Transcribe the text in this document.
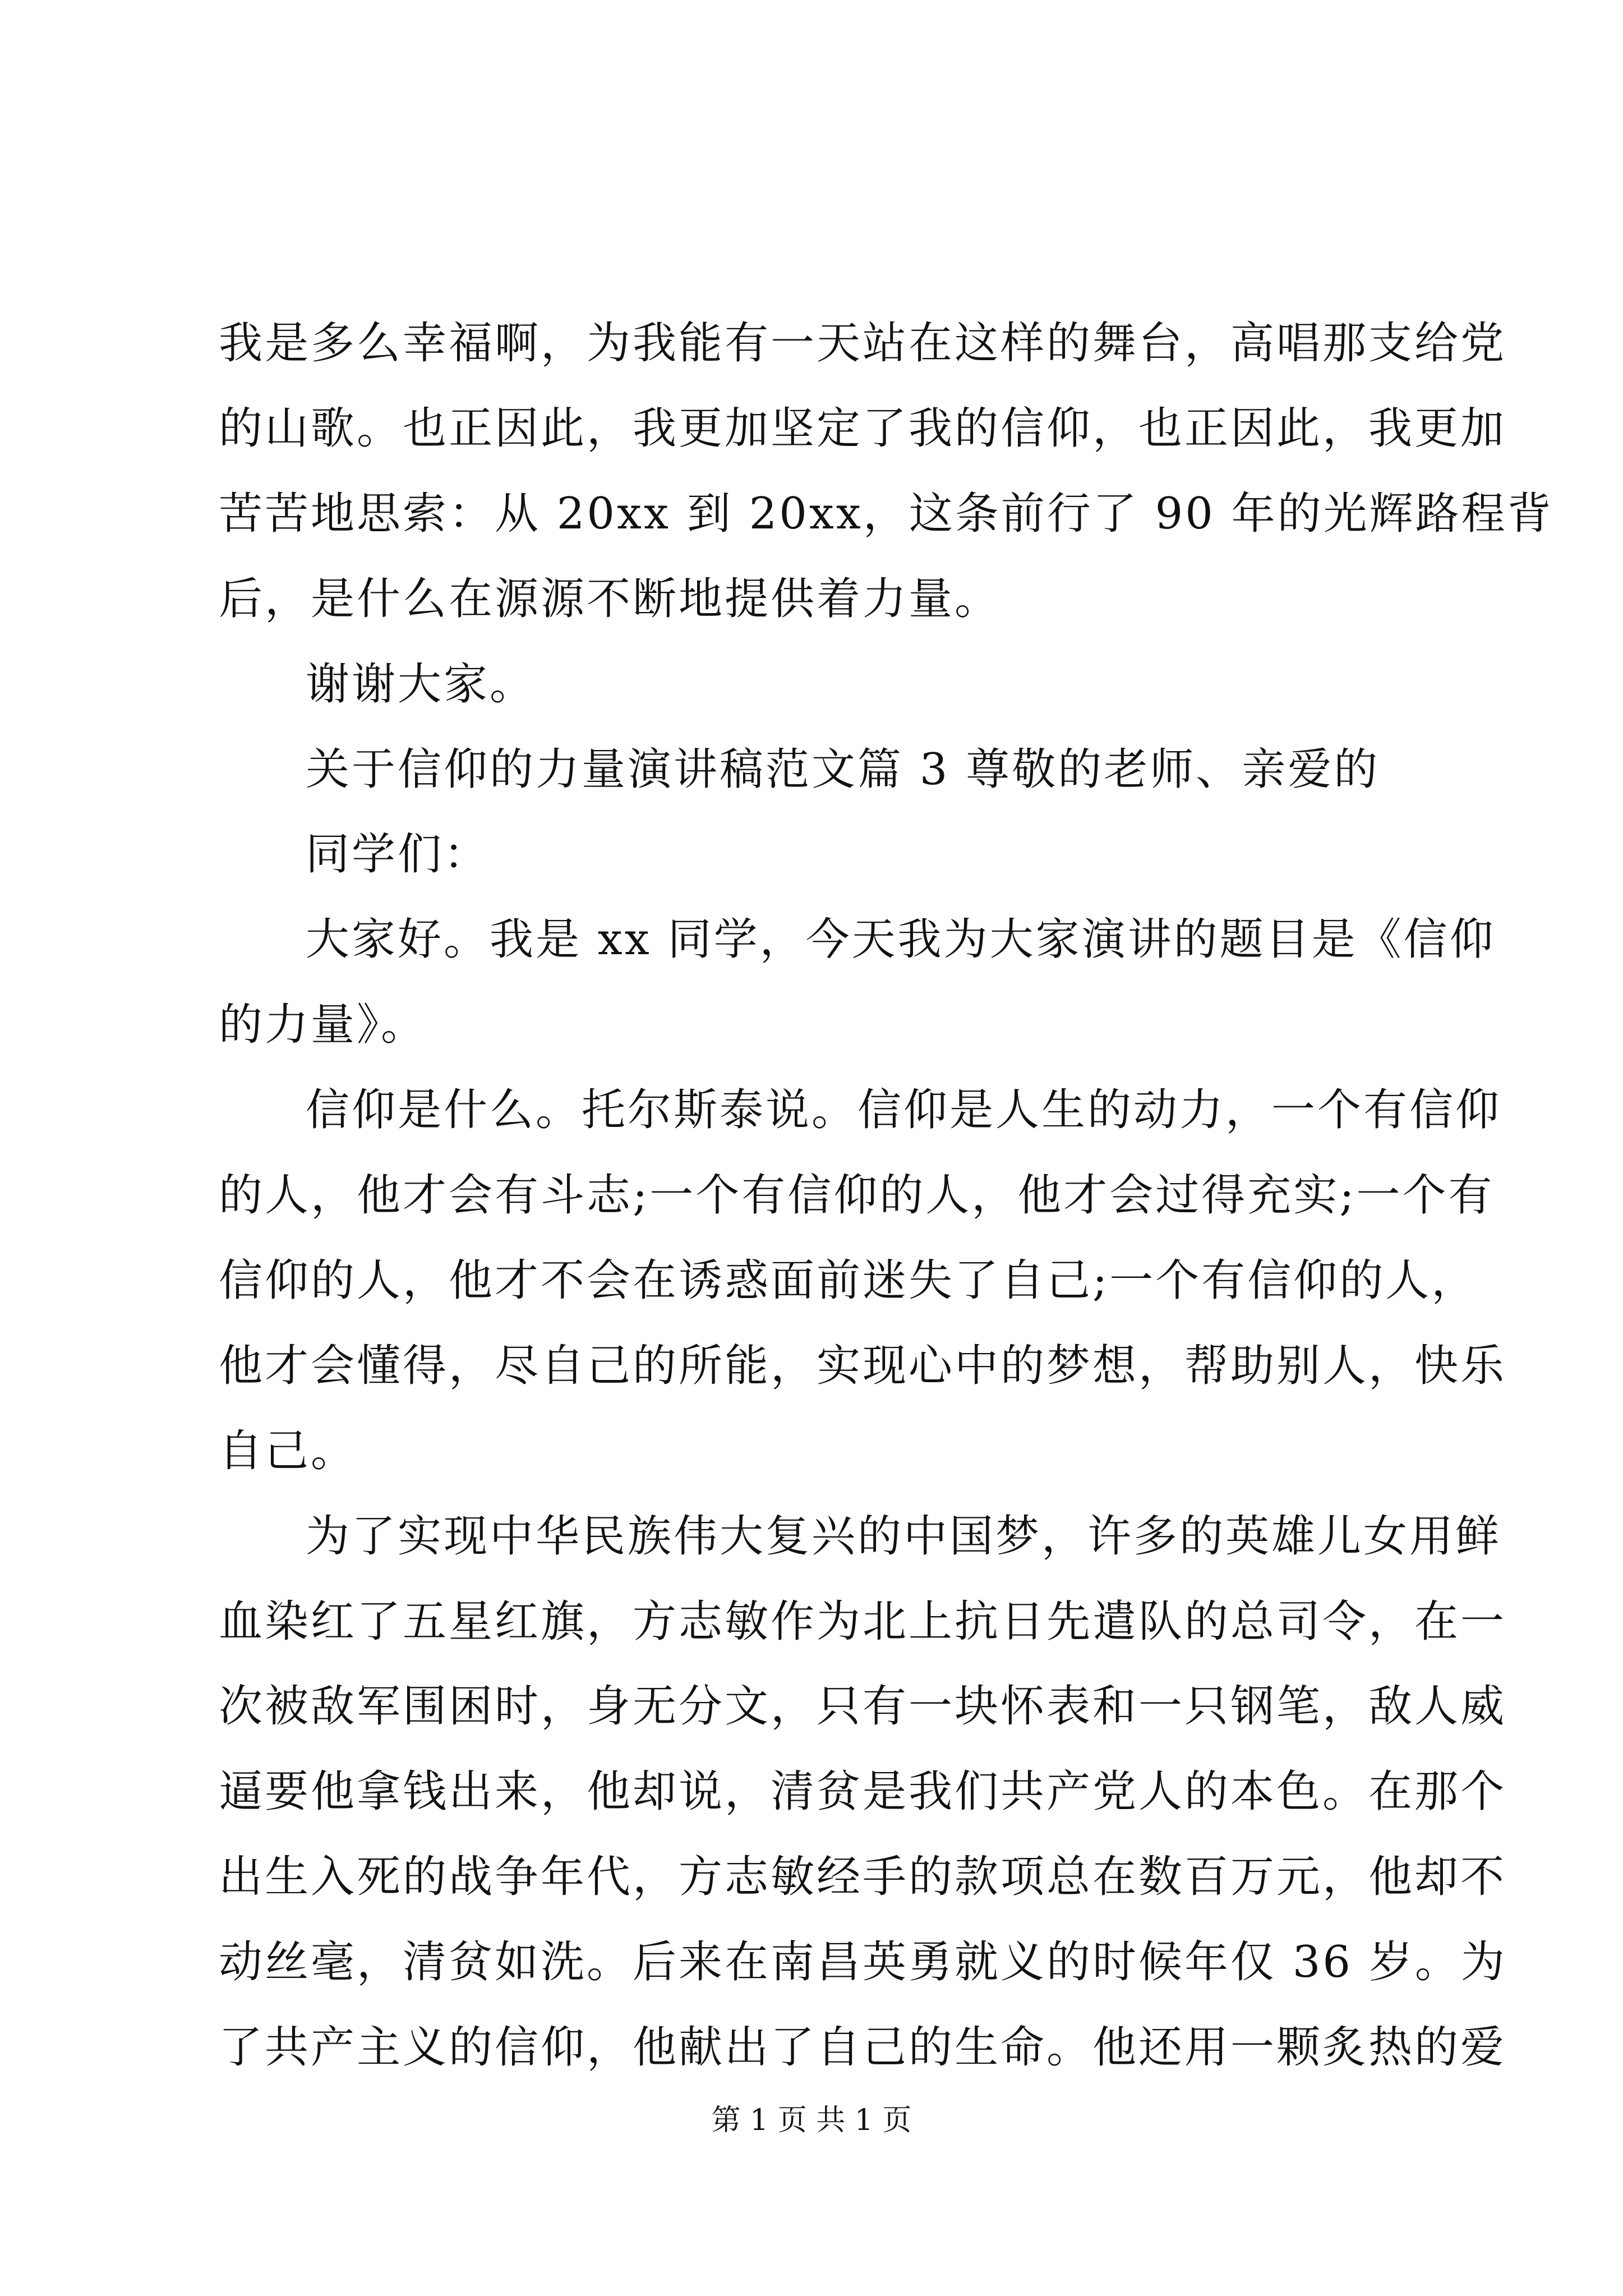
我是多么幸福啊，为我能有一天站在这样的舞台，高唱那支给党
的山歌。也正因此，我更加坚定了我的信仰，也正因此，我更加
苦苦地思索：从 20xx 到 20xx，这条前行了 90 年的光辉路程背
后，是什么在源源不断地提供着力量。
谢谢大家。
关于信仰的力量演讲稿范文篇 3 尊敬的老师、亲爱的
同学们：
大家好。我是 xx 同学，今天我为大家演讲的题目是《信仰
的力量》。
信仰是什么。托尔斯泰说。信仰是人生的动力，一个有信仰
的人，他才会有斗志;一个有信仰的人，他才会过得充实;一个有
信仰的人，他才不会在诱惑面前迷失了自己;一个有信仰的人，
他才会懂得，尽自己的所能，实现心中的梦想，帮助别人，快乐
自己。
为了实现中华民族伟大复兴的中国梦，许多的英雄儿女用鲜
血染红了五星红旗，方志敏作为北上抗日先遣队的总司令，在一
次被敌军围困时，身无分文，只有一块怀表和一只钢笔，敌人威
逼要他拿钱出来，他却说，清贫是我们共产党人的本色。在那个
出生入死的战争年代，方志敏经手的款项总在数百万元，他却不
动丝毫，清贫如洗。后来在南昌英勇就义的时候年仅 36 岁。为
了共产主义的信仰，他献出了自己的生命。他还用一颗炙热的爱
第 1 页 共 1 页
